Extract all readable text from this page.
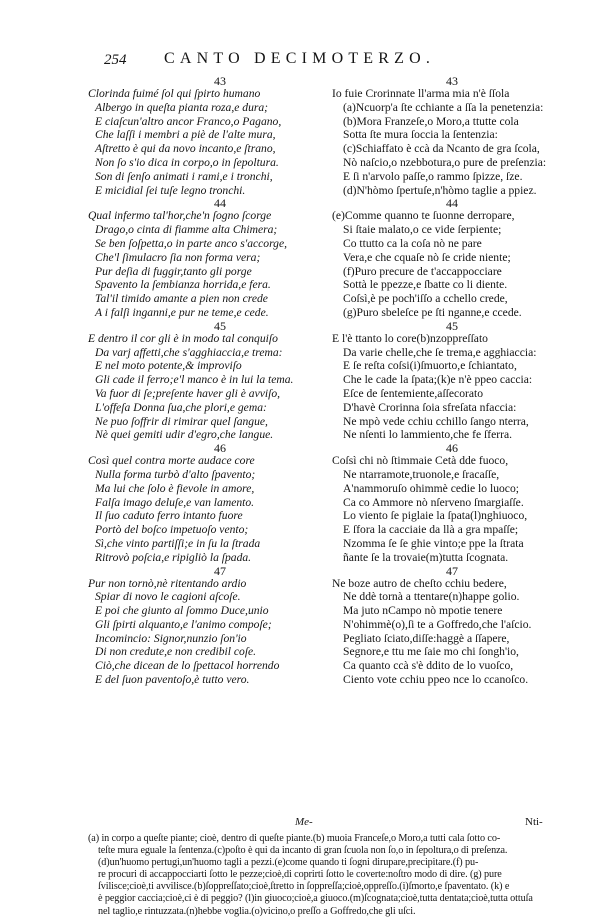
254 CANTO DECIMOTERZO.
43
Clorinda fuimé ſol qui ſpirto humano
Albergo in queſta pianta roza,e dura;
E ciaſcun'altro ancor Franco,o Pagano,
Che laſſi i membri a piè de l'alte mura,
Aſtretto è qui da novo incanto,e ſtrano,
Non ſo s'io dica in corpo,o in ſepoltura.
Son di ſenſo animati i rami,e i tronchi,
E micidial ſei tuſe legno tronchi.
44
Qual infermo tal'hor,che'n ſogno ſcorge
Drago,o cinta di fiamme alta Chimera;
Se ben ſoſpetta,o in parte anco s'accorge,
Che'l ſimulacro ſia non forma vera;
Pur deſia di fuggir,tanto gli porge
Spavento la ſembianza horrida,e fera.
Tal'il timido amante a pien non crede
A i falſi inganni,e pur ne teme,e cede.
45
E dentro il cor gli è in modo tal conquiſo
Da varj affetti,che s'agghiaccia,e trema:
E nel moto potente,& improviſo
Gli cade il ferro;e'l manco è in lui la tema.
Va fuor di ſe;preſente haver gli è avviſo,
L'offeſa Donna ſua,che plori,e gema:
Ne puo ſoffrir di rimirar quel ſangue,
Nè quei gemiti udir d'egro,che langue.
46
Così quel contra morte audace core
Nulla forma turbò d'alto ſpavento;
Ma lui che ſolo è fievole in amore,
Falſa imago deluſe,e van lamento.
Il ſuo caduto ferro intanto fuore
Portò del boſco impetuoſo vento;
Sì,che vinto partiſſi;e in ſu la ſtrada
Ritrovò poſcia,e ripigliò la ſpada.
47
Pur non tornò,nè ritentando ardio
Spiar di novo le cagioni aſcoſe.
E poi che giunto al ſommo Duce,unio
Gli ſpirti alquanto,e l'animo compoſe;
Incomincio: Signor,nunzio ſon'io
Di non credute,e non credibil coſe.
Ciò,che dicean de lo ſpettacol horrendo
E del ſuon paventoſo,è tutto vero.
43
Io fuie Crorinnate ll'arma mia n'è ſſola
(a)Ncuorp'a ſte cchiante a ſſa la penetenzia:
(b)Mora Franzeſe,o Moro,a ttutte cola
Sotta ſte mura ſoccia la ſentenzia:
(c)Schiaffato è ccà da Ncanto de gra ſcola,
Nò naſcio,o nzebbotura,o pure de preſenzia:
E ſi n'arvolo paſſe,o rammo ſpizze, ſze.
(d)N'hòmo ſpertuſe,n'hòmo taglie a ppiez.
44
(e)Comme quanno te ſuonne derropare,
Si ſtaie malato,o ce vide ſerpiente;
Co ttutto ca la coſa nò ne pare
Vera,e che cquaſe nò ſe cride niente;
(f)Puro precure de t'accappocciare
Sottà le ppezze,e ſbatte co li diente.
Coſsì,è pe poch'iſſo a cchello crede,
(g)Puro sbeleſce pe ſti nganne,e ccede.
45
E l'è ttanto lo core(b)nzoppreſſato
Da varie chelle,che ſe trema,e agghiaccia:
E ſe reſta coſsi(i)ſmuorto,e ſchiantato,
Che le cade la ſpata;(k)e n'è ppeo caccia:
Eſce de ſentemiente,aſſecorato
D'havè Crorinna ſoia sfreſata nfaccia:
Ne mpò vede cchiu cchillo ſango nterra,
Ne nſenti lo lammiento,che fe ſferra.
46
Coſsì chi nò ſtimmaie Cetà dde fuoco,
Ne ntarramote,truonole,e ſracaſſe,
A'nammoruſo ohimmè cedie lo luoco;
Ca co Ammore nò nſerveno ſmargiaſſe.
Lo viento ſe piglaie la ſpata(l)nghiuoco,
E ſfora la cacciaie da llà a gra mpaſſe;
Nzomma ſe ſe ghie vinto;e ppe la ſtrata
ñante ſe la trovaie(m)tutta ſcognata.
47
Ne boze autro de cheſto cchiu bedere,
Ne ddè tornà a ttentare(n)happe golio.
Ma juto nCampo nò mpotie tenere
N'ohimmè(o),ſi te a Goffredo,che l'aſcio.
Pegliato ſciato,diſſe:haggè a ſſapere,
Segnore,e ttu me ſaie mo chi ſongh'io,
Ca quanto ccà s'è ddito de lo vuoſco,
Ciento vote cchiu ppeo nce lo ccanoſco.
Me-	Nti-
(a) in corpo a queſte piante; cioè, dentro di queſte piante.(b) muoia Franceſe,o Moro,a tutti cala ſotto co-
teſte mura eguale la ſentenza.(c)poſto è qui da incanto di gran ſcuola non ſo,o in ſepoltura,o di preſenza.
(d)un'huomo pertugi,un'huomo tagli a pezzi.(e)come quando ti ſogni dirupare,precipitare.(f) pu-
re procuri di accappocciarti ſotto le pezze;cioè,di coprirti ſotto le coverte:noſtro modo di dire. (g) pure
ſvilisce;cioè,ti avvilisce.(b)ſoppreſſato;cioè,ſtretto in ſoppreſſa;cioè,oppreſſo.(i)ſmorto,e ſpaventato. (k) e
è peggior caccia;cioè,ci è di peggio? (l)in giuoco;cioè,a giuoco.(m)ſcognata;cioè,tutta dentata;cioè,tutta ottuſa
nel taglio,e rintuzzata.(n)hebbe voglia.(o)vicino,o preſſo a Goffredo,che gli uſci.
